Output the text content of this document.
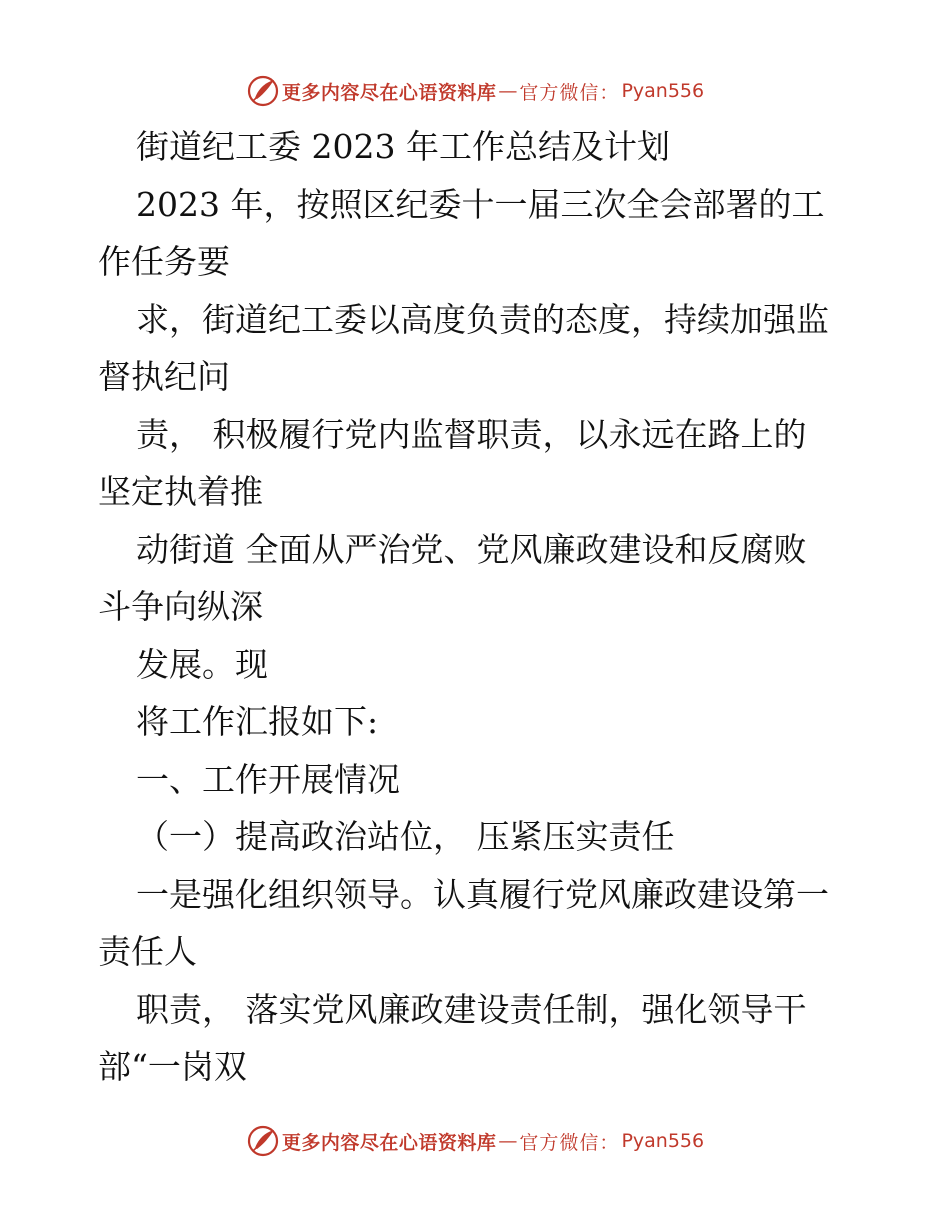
更多内容尽在心语资料库 — 官方微信： Pyan556
街道纪工委 2023 年工作总结及计划
2023 年，按照区纪委十一届三次全会部署的工
作任务要
求，街道纪工委以高度负责的态度，持续加强监
督执纪问
责， 积极履行党内监督职责，以永远在路上的
坚定执着推
动街道 全面从严治党、党风廉政建设和反腐败
斗争向纵深
发展。现
将工作汇报如下:
一、工作开展情况
（一）提高政治站位， 压紧压实责任
一是强化组织领导。认真履行党风廉政建设第一
责任人
职责， 落实党风廉政建设责任制，强化领导干
部“一岗双
更多内容尽在心语资料库 — 官方微信： Pyan556
